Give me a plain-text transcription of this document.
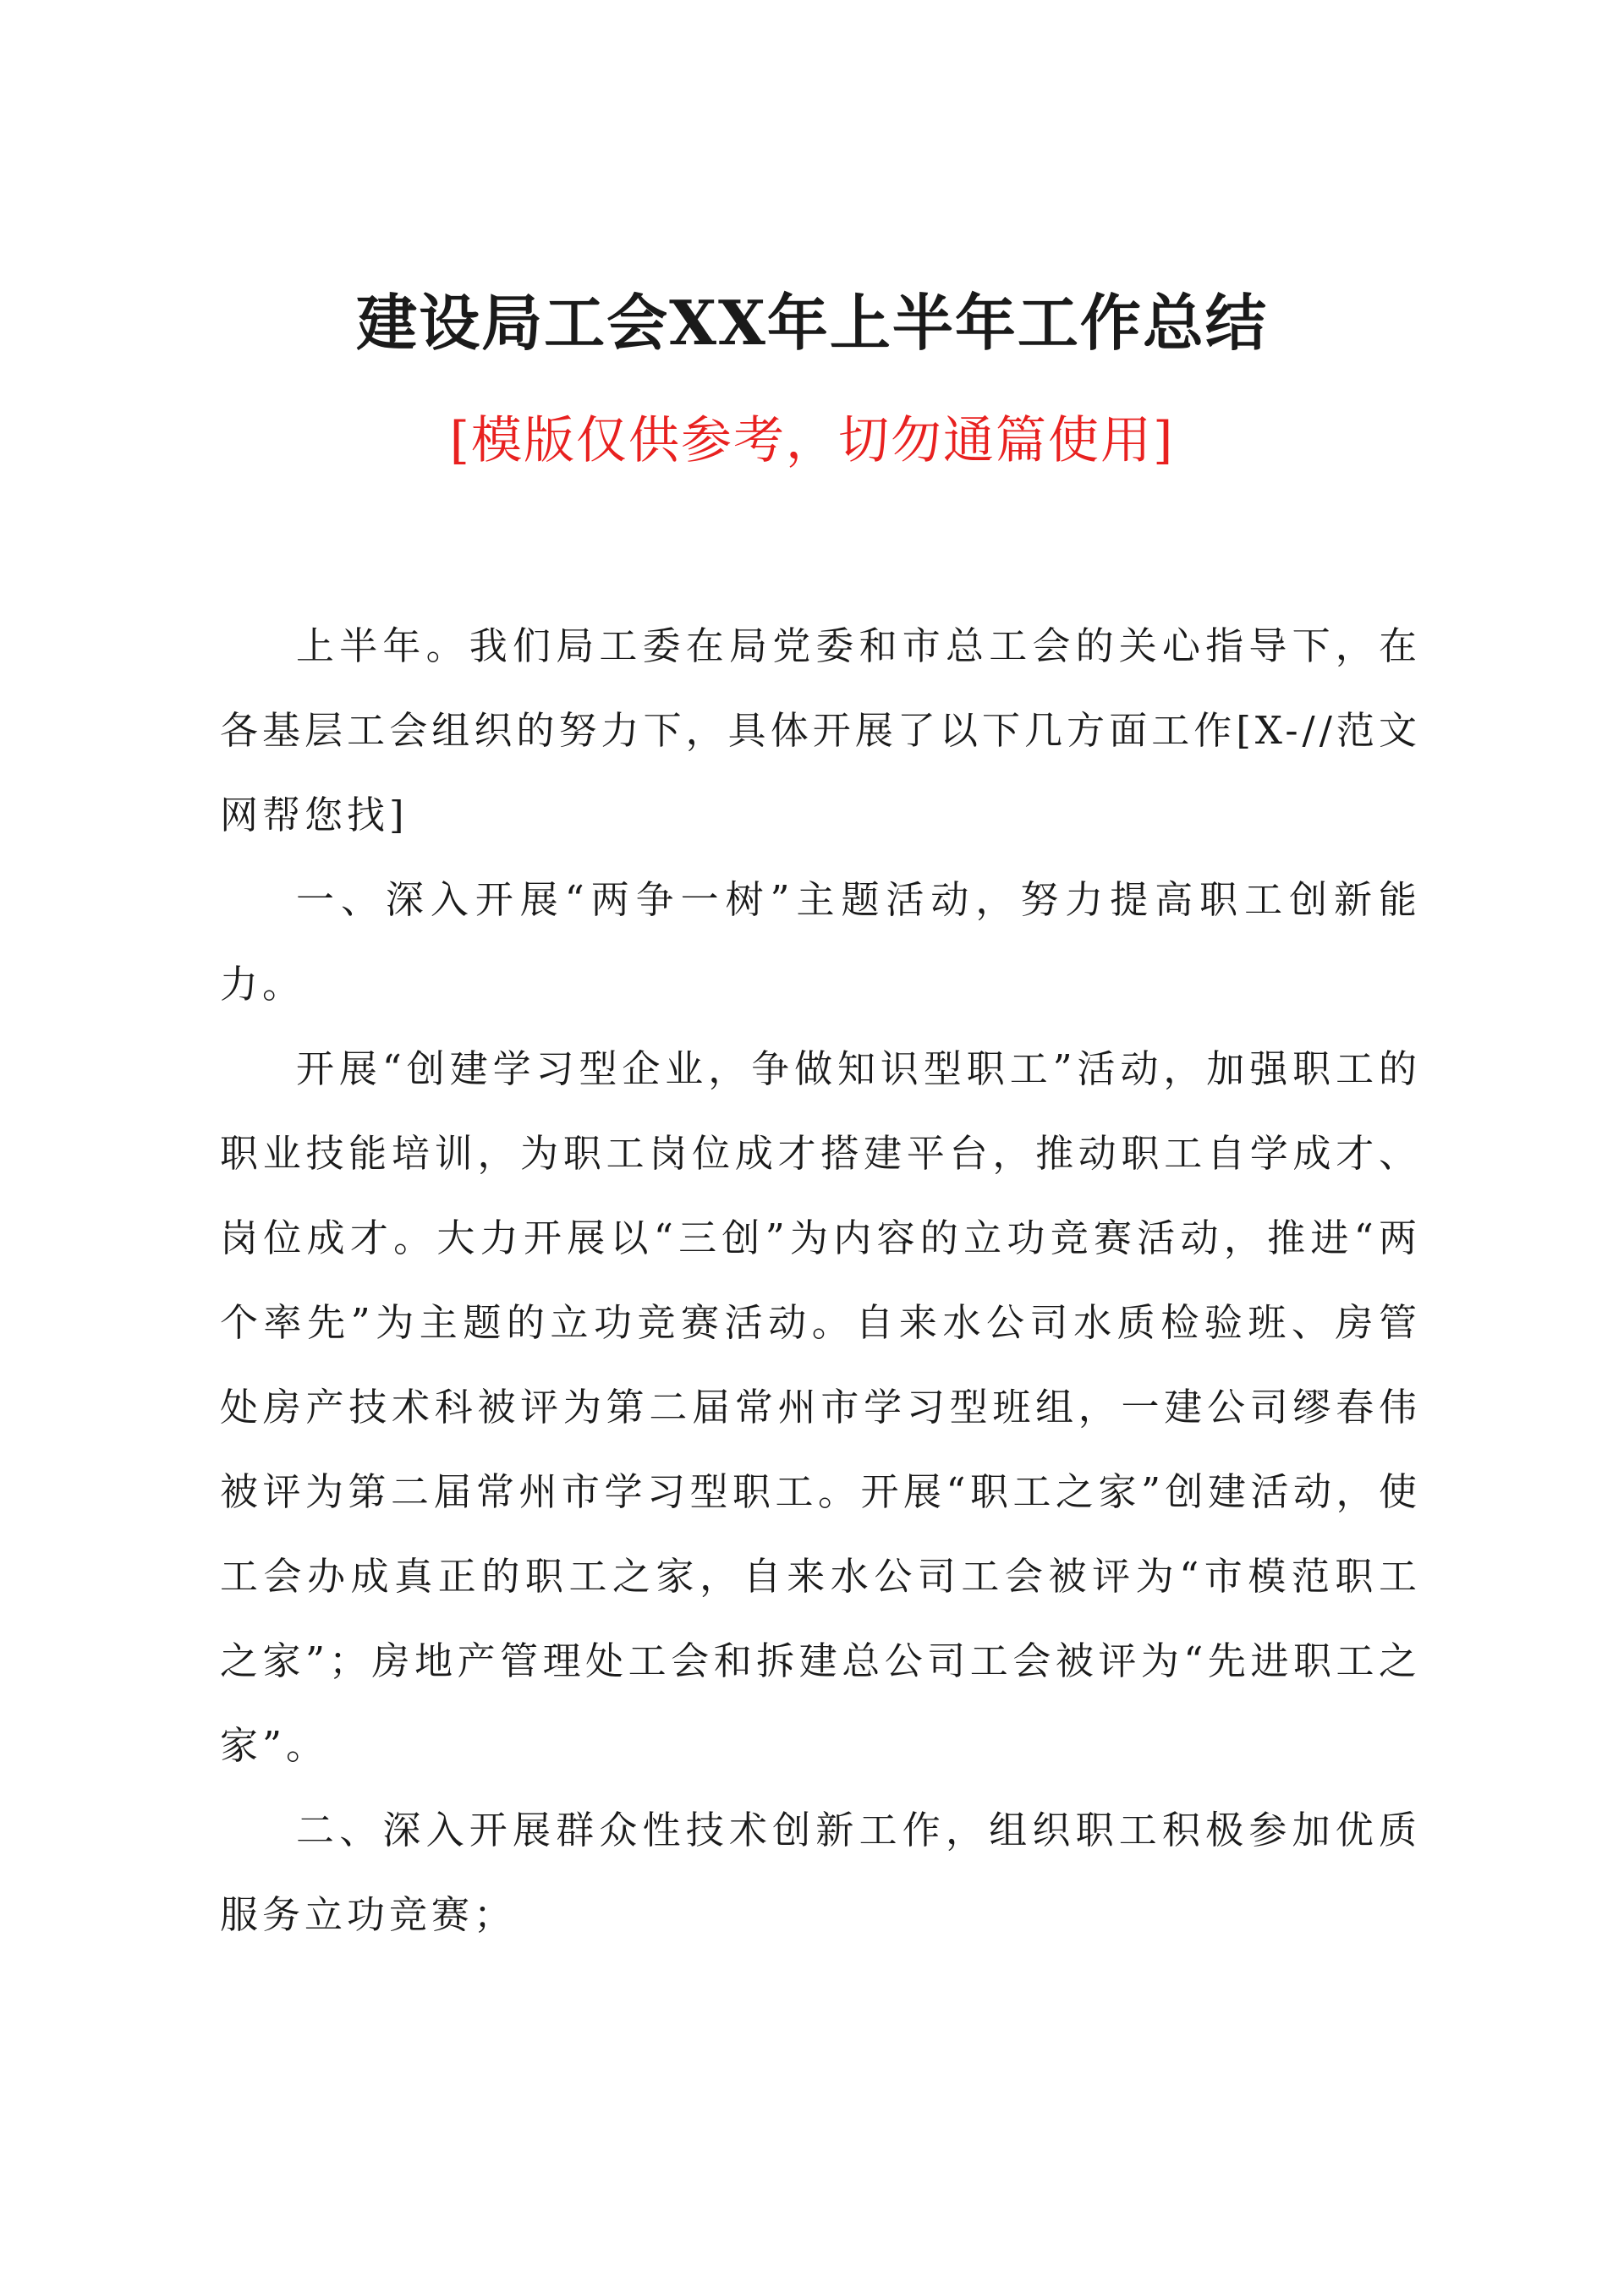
建设局工会XX年上半年工作总结
[模版仅供参考，切勿通篇使用]

上半年。我们局工委在局党委和市总工会的关心指导下，在各基层工会组织的努力下，具体开展了以下几方面工作[X-//范文网帮您找]

一、深入开展“两争一树”主题活动，努力提高职工创新能力。

开展“创建学习型企业，争做知识型职工”活动，加强职工的职业技能培训，为职工岗位成才搭建平台，推动职工自学成才、岗位成才。大力开展以“三创”为内容的立功竞赛活动，推进“两个率先”为主题的立功竞赛活动。自来水公司水质检验班、房管处房产技术科被评为第二届常州市学习型班组，一建公司缪春伟被评为第二届常州市学习型职工。开展“职工之家”创建活动，使工会办成真正的职工之家，自来水公司工会被评为“市模范职工之家”；房地产管理处工会和拆建总公司工会被评为“先进职工之家”。

二、深入开展群众性技术创新工作，组织职工积极参加优质服务立功竞赛；
